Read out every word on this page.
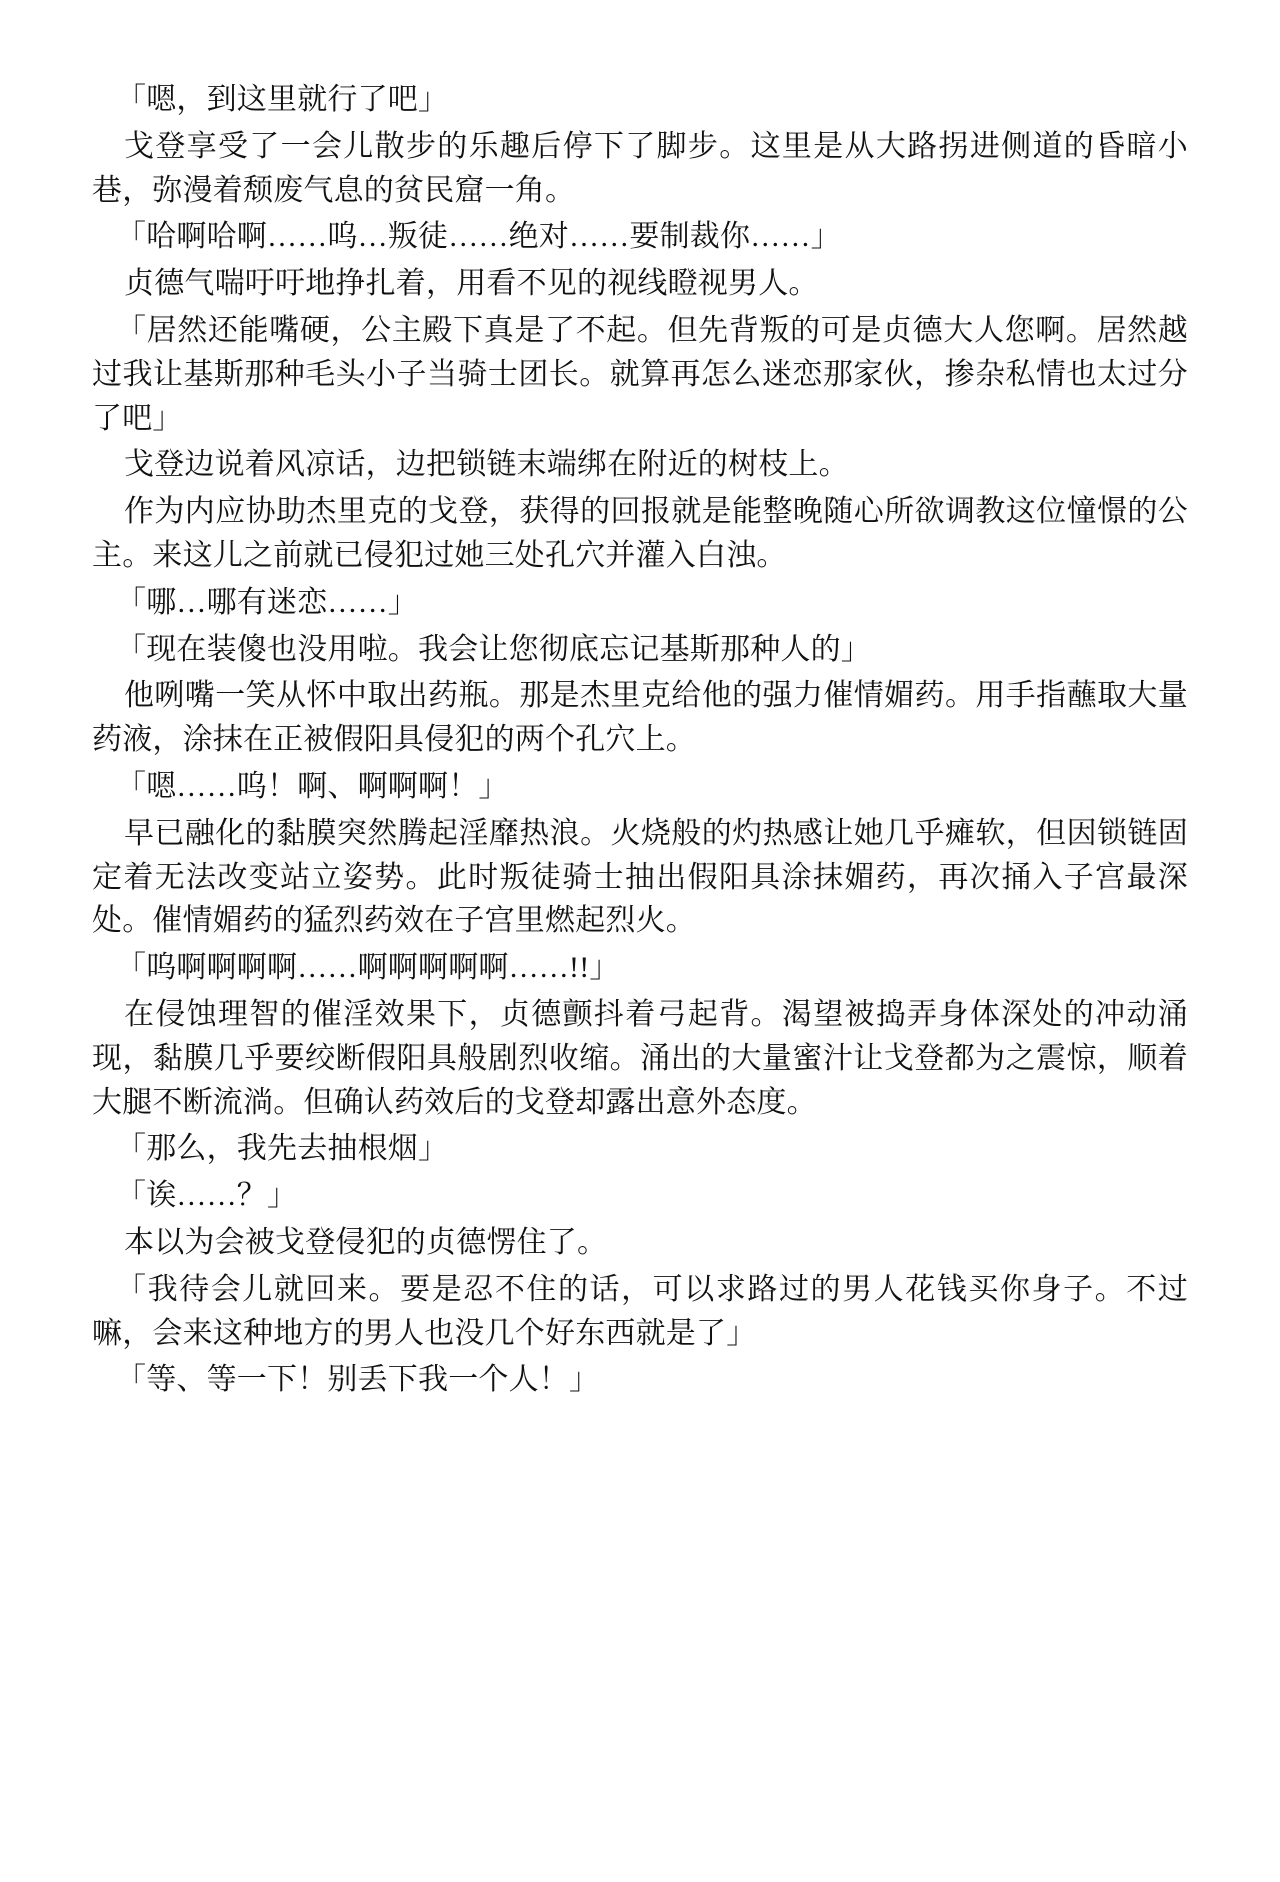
「嗯，到这里就行了吧」

戈登享受了一会儿散步的乐趣后停下了脚步。这里是从大路拐进侧道的昏暗小巷，弥漫着颓废气息的贫民窟一角。

「哈啊哈啊……呜…叛徒……绝对……要制裁你……」

贞德气喘吁吁地挣扎着，用看不见的视线瞪视男人。

「居然还能嘴硬，公主殿下真是了不起。但先背叛的可是贞德大人您啊。居然越过我让基斯那种毛头小子当骑士团长。就算再怎么迷恋那家伙，掺杂私情也太过分了吧」

戈登边说着风凉话，边把锁链末端绑在附近的树枝上。

作为内应协助杰里克的戈登，获得的回报就是能整晚随心所欲调教这位憧憬的公主。来这儿之前就已侵犯过她三处孔穴并灌入白浊。

「哪…哪有迷恋……」

「现在装傻也没用啦。我会让您彻底忘记基斯那种人的」

他咧嘴一笑从怀中取出药瓶。那是杰里克给他的强力催情媚药。用手指蘸取大量药液，涂抹在正被假阳具侵犯的两个孔穴上。

「嗯……呜！啊、啊啊啊！」

早已融化的黏膜突然腾起淫靡热浪。火烧般的灼热感让她几乎瘫软，但因锁链固定着无法改变站立姿势。此时叛徒骑士抽出假阳具涂抹媚药，再次捅入子宫最深处。催情媚药的猛烈药效在子宫里燃起烈火。

「呜啊啊啊啊……啊啊啊啊啊……!!」

在侵蚀理智的催淫效果下，贞德颤抖着弓起背。渴望被捣弄身体深处的冲动涌现，黏膜几乎要绞断假阳具般剧烈收缩。涌出的大量蜜汁让戈登都为之震惊，顺着大腿不断流淌。但确认药效后的戈登却露出意外态度。

「那么，我先去抽根烟」

「诶……？」

本以为会被戈登侵犯的贞德愣住了。

「我待会儿就回来。要是忍不住的话，可以求路过的男人花钱买你身子。不过嘛，会来这种地方的男人也没几个好东西就是了」

「等、等一下！别丢下我一个人！」
